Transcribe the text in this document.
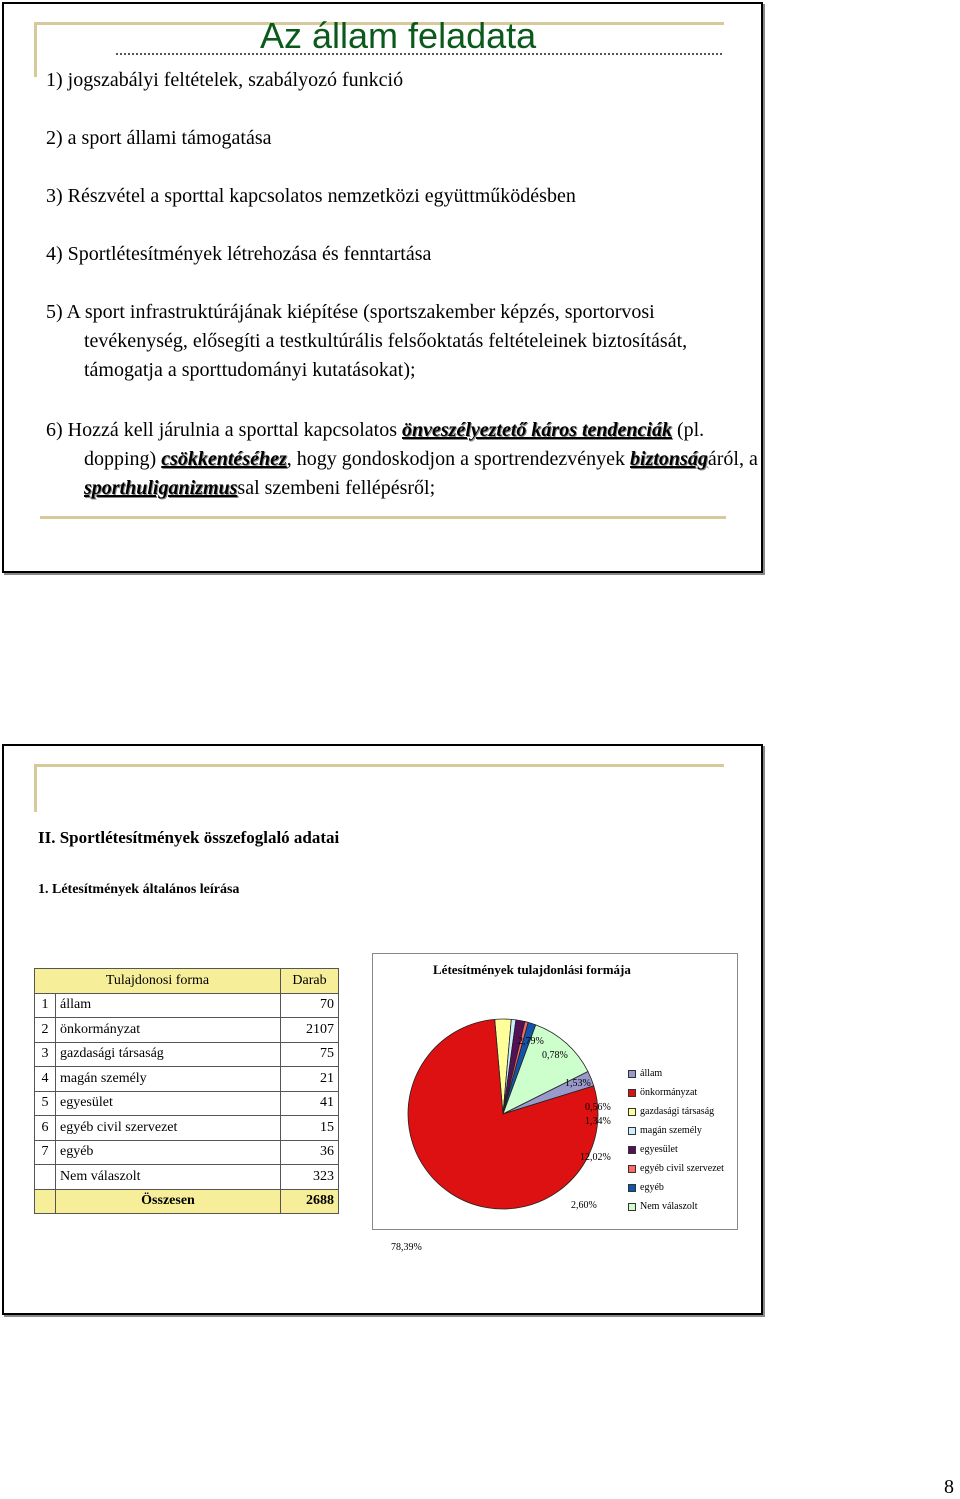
Az állam feladata

1) jogszabályi feltételek, szabályozó funkció

2) a sport állami támogatása

3) Részvétel a sporttal kapcsolatos nemzetközi együttműködésben

4) Sportlétesítmények létrehozása és fenntartása

5) A sport infrastruktúrájának kiépítése (sportszakember képzés, sportorvosi tevékenység, elősegíti a testkultúrális felsőoktatás feltételeinek biztosítását, támogatja a sporttudományi kutatásokat);

6) Hozzá kell járulnia a sporttal kapcsolatos önveszélyeztető káros tendenciák (pl. dopping) csökkentéséhez, hogy gondoskodjon a sportrendezvények biztonságáról, a sporthuliganizmussal szembeni fellépésről;

II. Sportlétesítmények összefoglaló adatai

1. Létesítmények általános leírása

Tulajdonosi forma		Darab
1	állam	70
2	önkormányzat	2107
3	gazdasági társaság	75
4	magán személy	21
5	egyesület	41
6	egyéb civil szervezet	15
7	egyéb	36
	Nem válaszolt	323
	Összesen	2688
Létesítmények tulajdonlási formája
2,79%
0,78%
1,53%
0,56%
1,34%
12,02%
2,60%
78,39%
állam
önkormányzat
gazdasági társaság
magán személy
egyesület
egyéb civil szervezet
egyéb
Nem válaszolt
8
